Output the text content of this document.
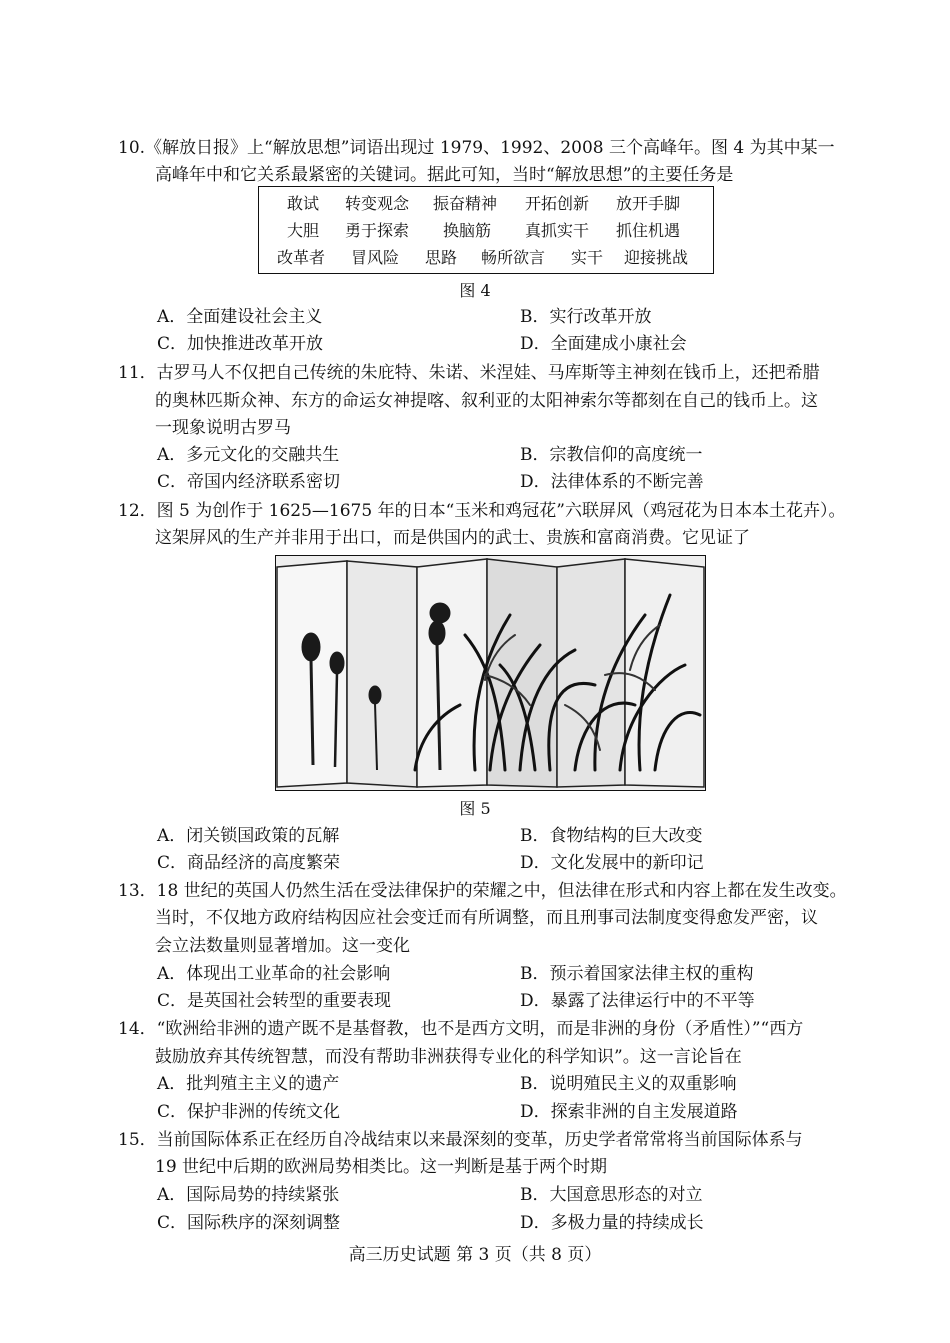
10.《解放日报》上“解放思想”词语出现过 1979、1992、2008 三个高峰年。图 4 为其中某一
高峰年中和它关系最紧密的关键词。据此可知，当时“解放思想”的主要任务是
敢试 转变观念 振奋精神 开拓创新 放开手脚
大胆 勇于探索 换脑筋 真抓实干 抓住机遇
改革者 冒风险 思路 畅所欲言 实干 迎接挑战
图 4
A．全面建设社会主义	B．实行改革开放
C．加快推进改革开放	D．全面建成小康社会
11．古罗马人不仅把自己传统的朱庇特、朱诺、米涅娃、马库斯等主神刻在钱币上，还把希腊
的奥林匹斯众神、东方的命运女神提喀、叙利亚的太阳神索尔等都刻在自己的钱币上。这
一现象说明古罗马
A．多元文化的交融共生	B．宗教信仰的高度统一
C．帝国内经济联系密切	D．法律体系的不断完善
12．图 5 为创作于 1625—1675 年的日本“玉米和鸡冠花”六联屏风（鸡冠花为日本本土花卉）。
这架屏风的生产并非用于出口，而是供国内的武士、贵族和富商消费。它见证了
图 5
A．闭关锁国政策的瓦解	B．食物结构的巨大改变
C．商品经济的高度繁荣	D．文化发展中的新印记
13．18 世纪的英国人仍然生活在受法律保护的荣耀之中，但法律在形式和内容上都在发生改变。
当时，不仅地方政府结构因应社会变迁而有所调整，而且刑事司法制度变得愈发严密，议
会立法数量则显著增加。这一变化
A．体现出工业革命的社会影响	B．预示着国家法律主权的重构
C．是英国社会转型的重要表现	D．暴露了法律运行中的不平等
14．“欧洲给非洲的遗产既不是基督教，也不是西方文明，而是非洲的身份（矛盾性）”“西方
鼓励放弃其传统智慧，而没有帮助非洲获得专业化的科学知识”。这一言论旨在
A．批判殖主主义的遗产	B．说明殖民主义的双重影响
C．保护非洲的传统文化	D．探索非洲的自主发展道路
15．当前国际体系正在经历自冷战结束以来最深刻的变革，历史学者常常将当前国际体系与
19 世纪中后期的欧洲局势相类比。这一判断是基于两个时期
A．国际局势的持续紧张	B．大国意思形态的对立
C．国际秩序的深刻调整	D．多极力量的持续成长
高三历史试题 第 3 页（共 8 页）
